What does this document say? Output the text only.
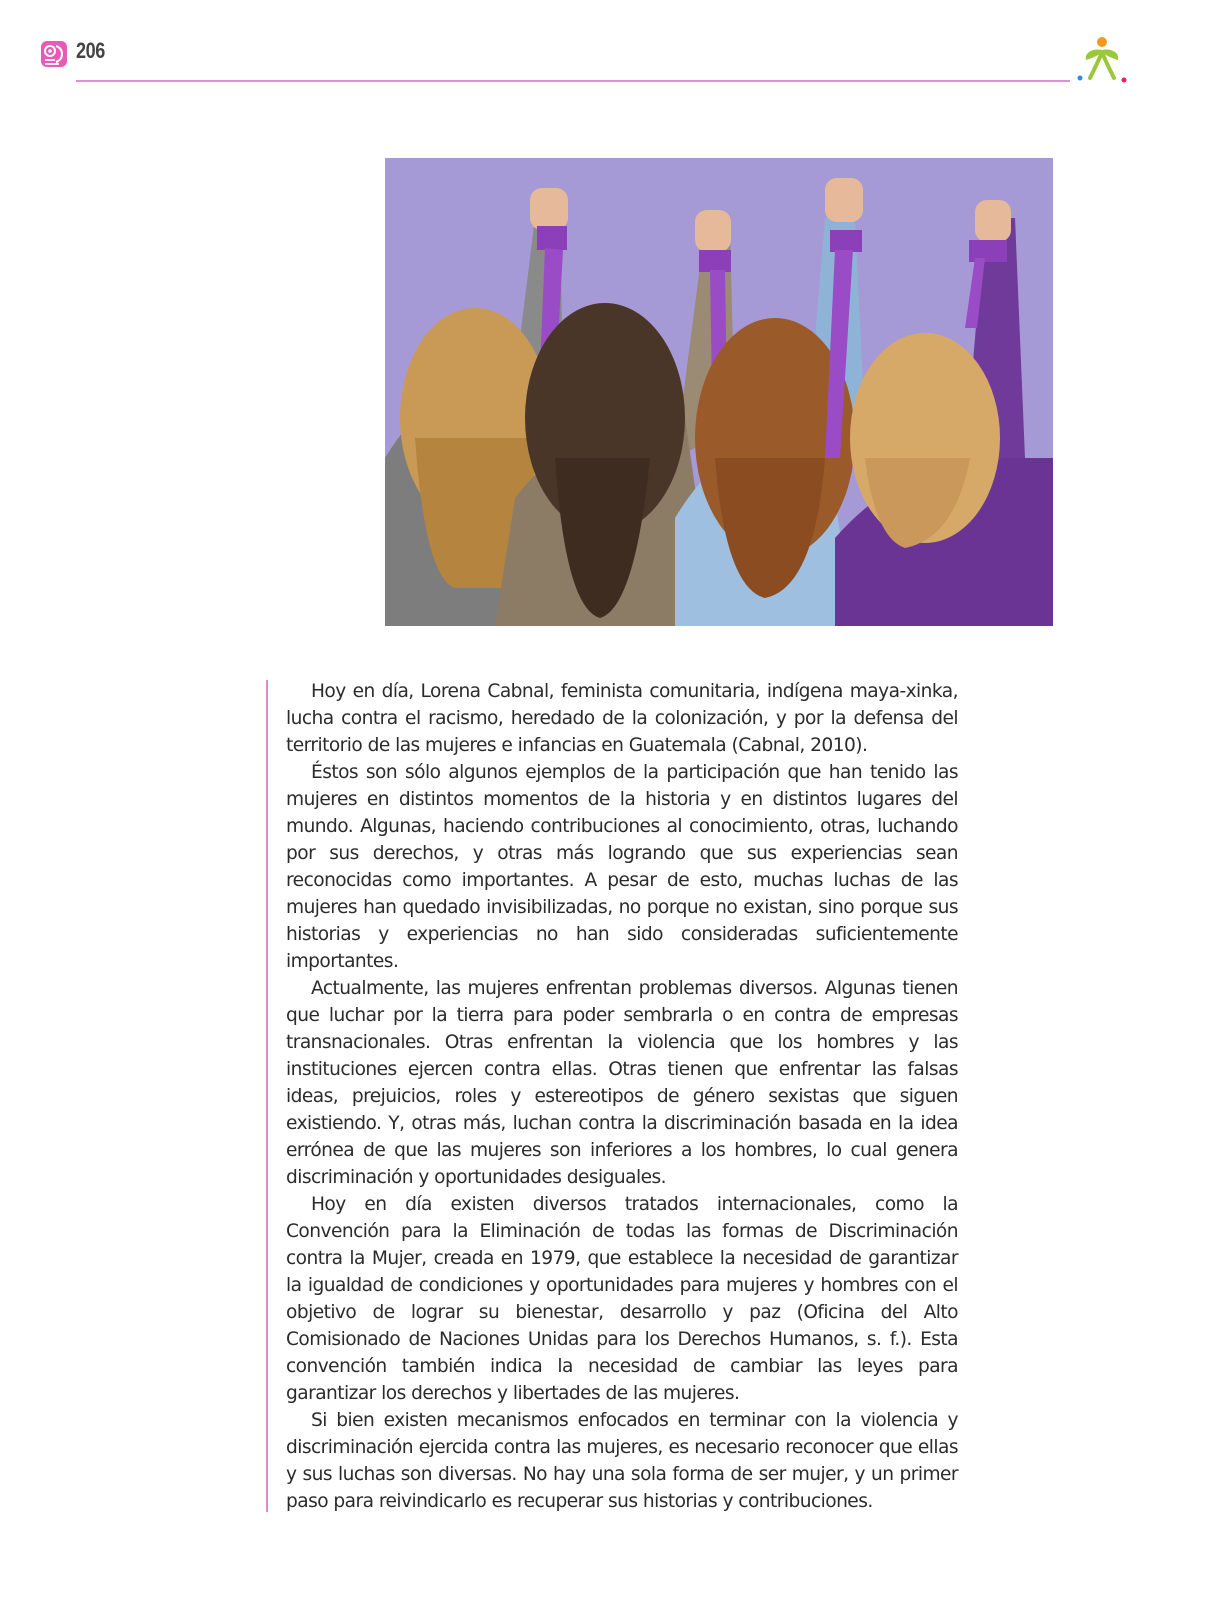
206

Hoy en día, Lorena Cabnal, feminista comunitaria, indígena maya-xinka, lucha contra el racismo, heredado de la colonización, y por la defensa del territorio de las mujeres e infancias en Guatemala (Cabnal, 2010).

Éstos son sólo algunos ejemplos de la participación que han tenido las mujeres en distintos momentos de la historia y en distintos lugares del mundo. Algunas, haciendo contribuciones al conocimiento, otras, luchando por sus derechos, y otras más logrando que sus experiencias sean reconocidas como importantes. A pesar de esto, muchas luchas de las mujeres han quedado invisibilizadas, no porque no existan, sino porque sus historias y experiencias no han sido consideradas suficientemente importantes.

Actualmente, las mujeres enfrentan problemas diversos. Algunas tienen que luchar por la tierra para poder sembrarla o en contra de empresas transnacionales. Otras enfrentan la violencia que los hombres y las instituciones ejercen contra ellas. Otras tienen que enfrentar las falsas ideas, prejuicios, roles y estereotipos de género sexistas que siguen existiendo. Y, otras más, luchan contra la discriminación basada en la idea errónea de que las mujeres son inferiores a los hombres, lo cual genera discriminación y oportunidades desiguales.

Hoy en día existen diversos tratados internacionales, como la Convención para la Eliminación de todas las formas de Discriminación contra la Mujer, creada en 1979, que establece la necesidad de garantizar la igualdad de condiciones y oportunidades para mujeres y hombres con el objetivo de lograr su bienestar, desarrollo y paz (Oficina del Alto Comisionado de Naciones Unidas para los Derechos Humanos, s. f.). Esta convención también indica la necesidad de cambiar las leyes para garantizar los derechos y libertades de las mujeres.

Si bien existen mecanismos enfocados en terminar con la violencia y discriminación ejercida contra las mujeres, es necesario reconocer que ellas y sus luchas son diversas. No hay una sola forma de ser mujer, y un primer paso para reivindicarlo es recuperar sus historias y contribuciones.
